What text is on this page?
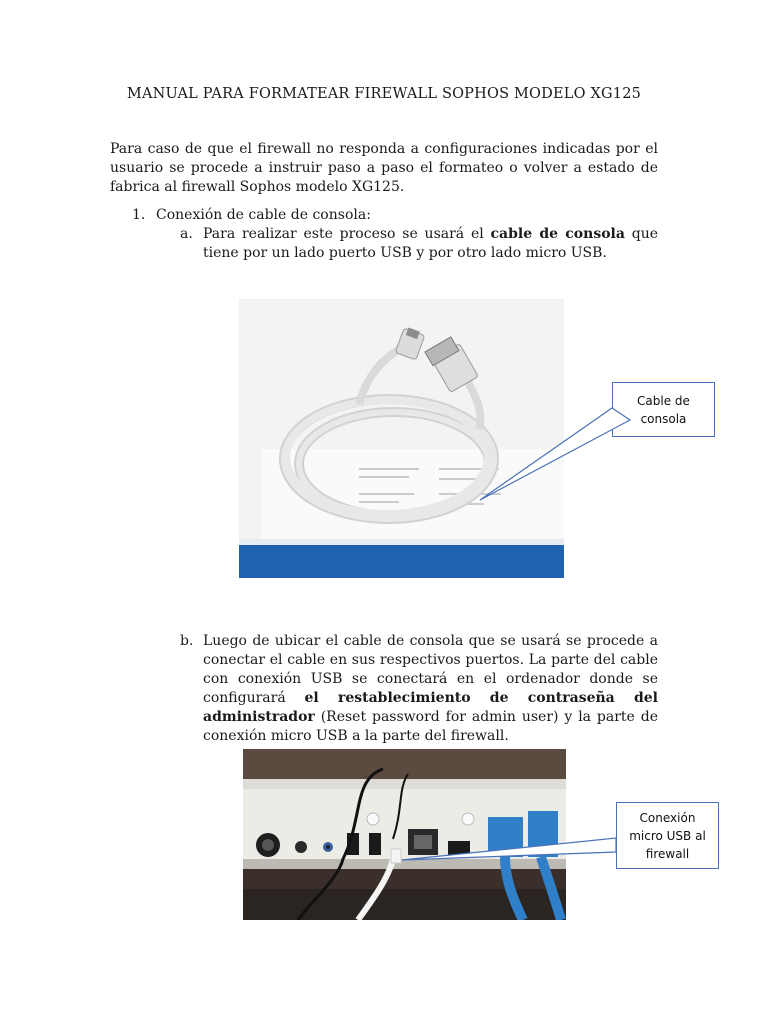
MANUAL PARA FORMATEAR FIREWALL SOPHOS MODELO XG125

Para caso de que el firewall no responda a configuraciones indicadas por el usuario se procede a instruir paso a paso el formateo o volver a estado de fabrica al firewall Sophos modelo XG125.

1. Conexión de cable de consola:
a. Para realizar este proceso se usará el cable de consola que tiene por un lado puerto USB y por otro lado micro USB.
Cable de
consola
b. Luego de ubicar el cable de consola que se usará se procede a conectar el cable en sus respectivos puertos. La parte del cable con conexión USB se conectará en el ordenador donde se configurará el restablecimiento de contraseña del administrador (Reset password for admin user) y la parte de conexión micro USB a la parte del firewall.
Conexión
micro USB al
firewall
